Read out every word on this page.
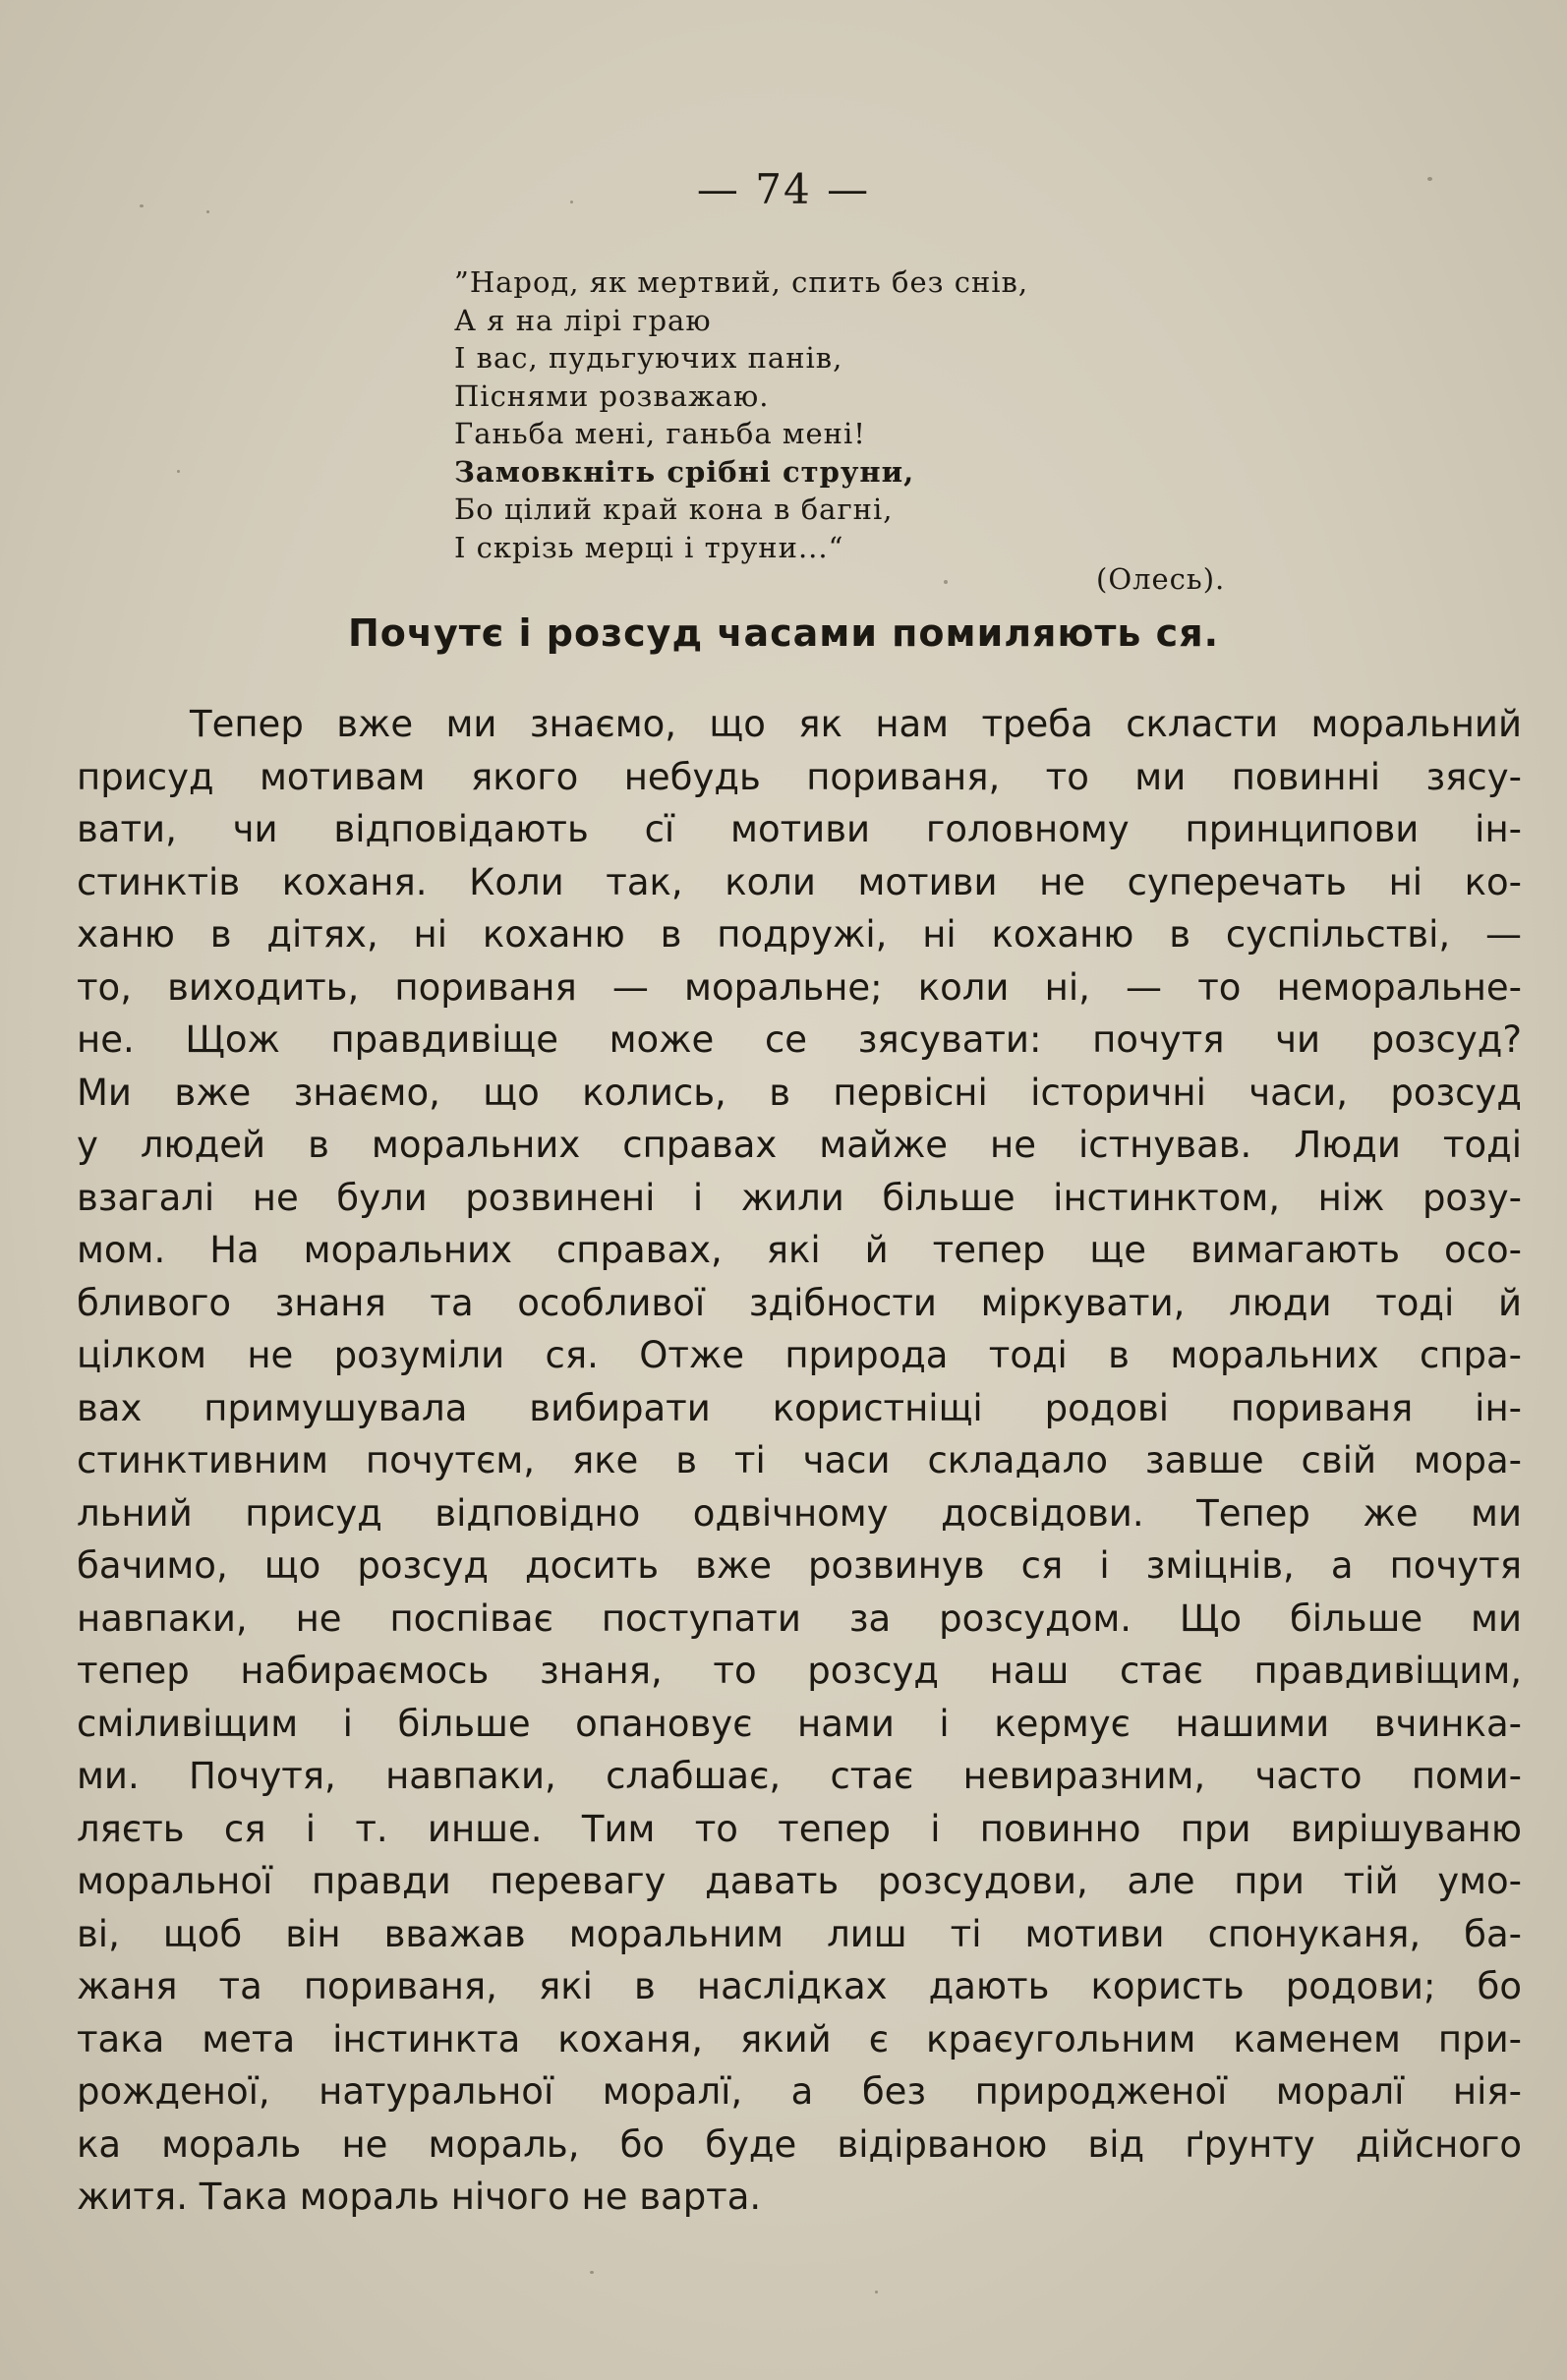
— 74 —
”Народ, як мертвий, спить без снів,
А я на лірі граю
І вас, пудьгуючих панів,
Піснями розважаю.
Ганьба мені, ганьба мені!
Замовкніть срібні струни,
Бо цілий край кона в багні,
І скрізь мерці і труни...“
(Олесь).
Почутє і розсуд часами помиляють ся.
Тепер вже ми знаємо, що як нам треба скласти моральний
присуд мотивам якого небудь пориваня, то ми повинні зясу-
вати, чи відповідають сї мотиви головному принципови ін-
стинктів коханя. Коли так, коли мотиви не суперечать ні ко-
ханю в дітях, ні коханю в подружі, ні коханю в суспільстві, —
то, виходить, пориваня — моральне; коли ні, — то неморальне-
не. Щож правдивіще може се зясувати: почутя чи розсуд?
Ми вже знаємо, що колись, в первісні історичні часи, розсуд
у людей в моральних справах майже не істнував. Люди тоді
взагалі не були розвинені і жили більше інстинктом, ніж розу-
мом. На моральних справах, які й тепер ще вимагають осо-
бливого знаня та особливої здібности міркувати, люди тоді й
цілком не розуміли ся. Отже природа тоді в моральних спра-
вах примушувала вибирати користніщі родові пориваня ін-
стинктивним почутєм, яке в ті часи складало завше свій мора-
льний присуд відповідно одвічному досвідови. Тепер же ми
бачимо, що розсуд досить вже розвинув ся і зміцнів, а почутя
навпаки, не поспіває поступати за розсудом. Що більше ми
тепер набираємось знаня, то розсуд наш стає правдивіщим,
сміливіщим і більше опановує нами і кермує нашими вчинка-
ми. Почутя, навпаки, слабшає, стає невиразним, часто поми-
ляєть ся і т. инше. Тим то тепер і повинно при вирішуваню
моральної правди перевагу давать розсудови, але при тій умо-
ві, щоб він вважав моральним лиш ті мотиви спонуканя, ба-
жаня та пориваня, які в наслідках дають користь родови; бо
така мета інстинкта коханя, який є краєугольним каменем при-
рожденої, натуральної моралї, а без природженої моралї нія-
ка мораль не мораль, бо буде відірваною від ґрунту дійсного
житя. Така мораль нічого не варта.
